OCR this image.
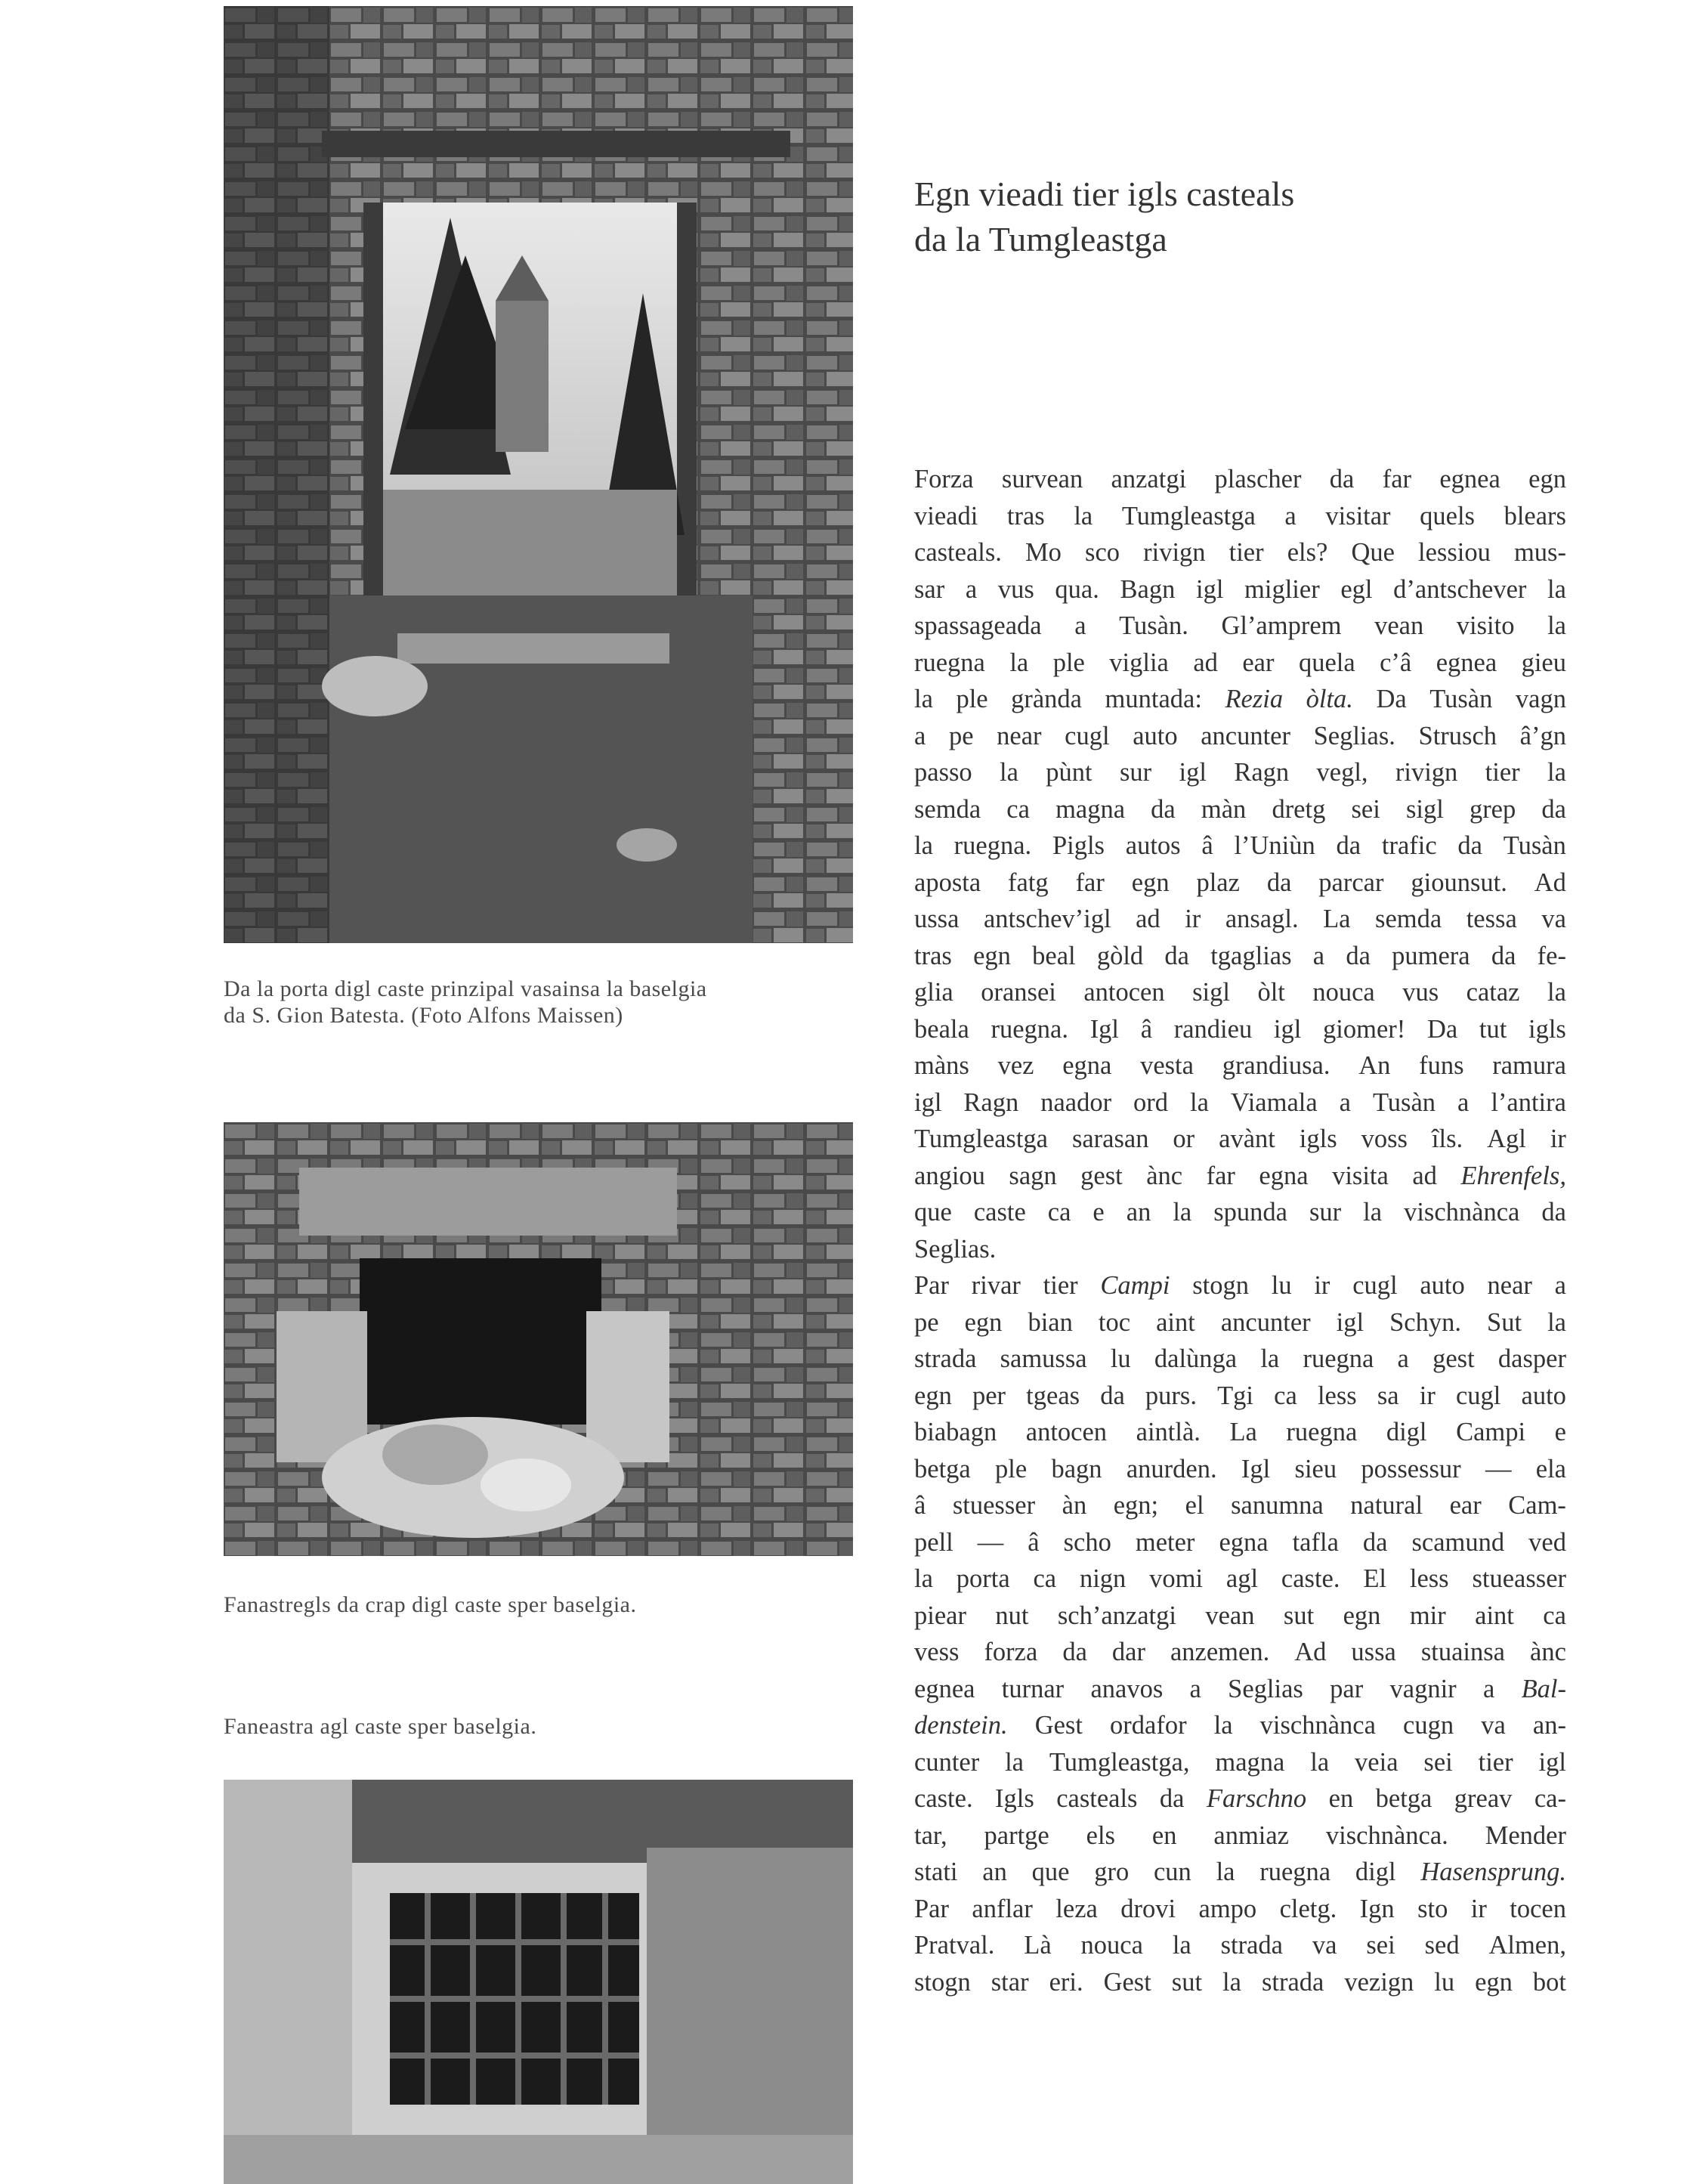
Da la porta digl caste prinzipal vasainsa la baselgia
da S. Gion Batesta. (Foto Alfons Maissen)
Fanastregls da crap digl caste sper baselgia.
Faneastra agl caste sper baselgia.
Egn vieadi tier igls casteals
da la Tumgleastga
Forza survean anzatgi plascher da far egnea egn
vieadi tras la Tumgleastga a visitar quels blears
casteals. Mo sco rivign tier els? Que lessiou mus-
sar a vus qua. Bagn igl miglier egl d’antschever la
spassageada a Tusàn. Gl’amprem vean visito la
ruegna la ple viglia ad ear quela c’â egnea gieu
la ple grànda muntada: Rezia òlta. Da Tusàn vagn
a pe near cugl auto ancunter Seglias. Strusch â’gn
passo la pùnt sur igl Ragn vegl, rivign tier la
semda ca magna da màn dretg sei sigl grep da
la ruegna. Pigls autos â l’Uniùn da trafic da Tusàn
aposta fatg far egn plaz da parcar giounsut. Ad
ussa antschev’igl ad ir ansagl. La semda tessa va
tras egn beal gòld da tgaglias a da pumera da fe-
glia oransei antocen sigl òlt nouca vus cataz la
beala ruegna. Igl â randieu igl giomer! Da tut igls
màns vez egna vesta grandiusa. An funs ramura
igl Ragn naador ord la Viamala a Tusàn a l’antira
Tumgleastga sarasan or avànt igls voss îls. Agl ir
angiou sagn gest ànc far egna visita ad Ehrenfels,
que caste ca e an la spunda sur la vischnànca da
Seglias.
Par rivar tier Campi stogn lu ir cugl auto near a
pe egn bian toc aint ancunter igl Schyn. Sut la
strada samussa lu dalùnga la ruegna a gest dasper
egn per tgeas da purs. Tgi ca less sa ir cugl auto
biabagn antocen aintlà. La ruegna digl Campi e
betga ple bagn anurden. Igl sieu possessur — ela
â stuesser àn egn; el sanumna natural ear Cam-
pell — â scho meter egna tafla da scamund ved
la porta ca nign vomi agl caste. El less stueasser
piear nut sch’anzatgi vean sut egn mir aint ca
vess forza da dar anzemen. Ad ussa stuainsa ànc
egnea turnar anavos a Seglias par vagnir a Bal-
denstein. Gest ordafor la vischnànca cugn va an-
cunter la Tumgleastga, magna la veia sei tier igl
caste. Igls casteals da Farschno en betga greav ca-
tar, partge els en anmiaz vischnànca. Mender
stati an que gro cun la ruegna digl Hasensprung.
Par anflar leza drovi ampo cletg. Ign sto ir tocen
Pratval. Là nouca la strada va sei sed Almen,
stogn star eri. Gest sut la strada vezign lu egn bot
